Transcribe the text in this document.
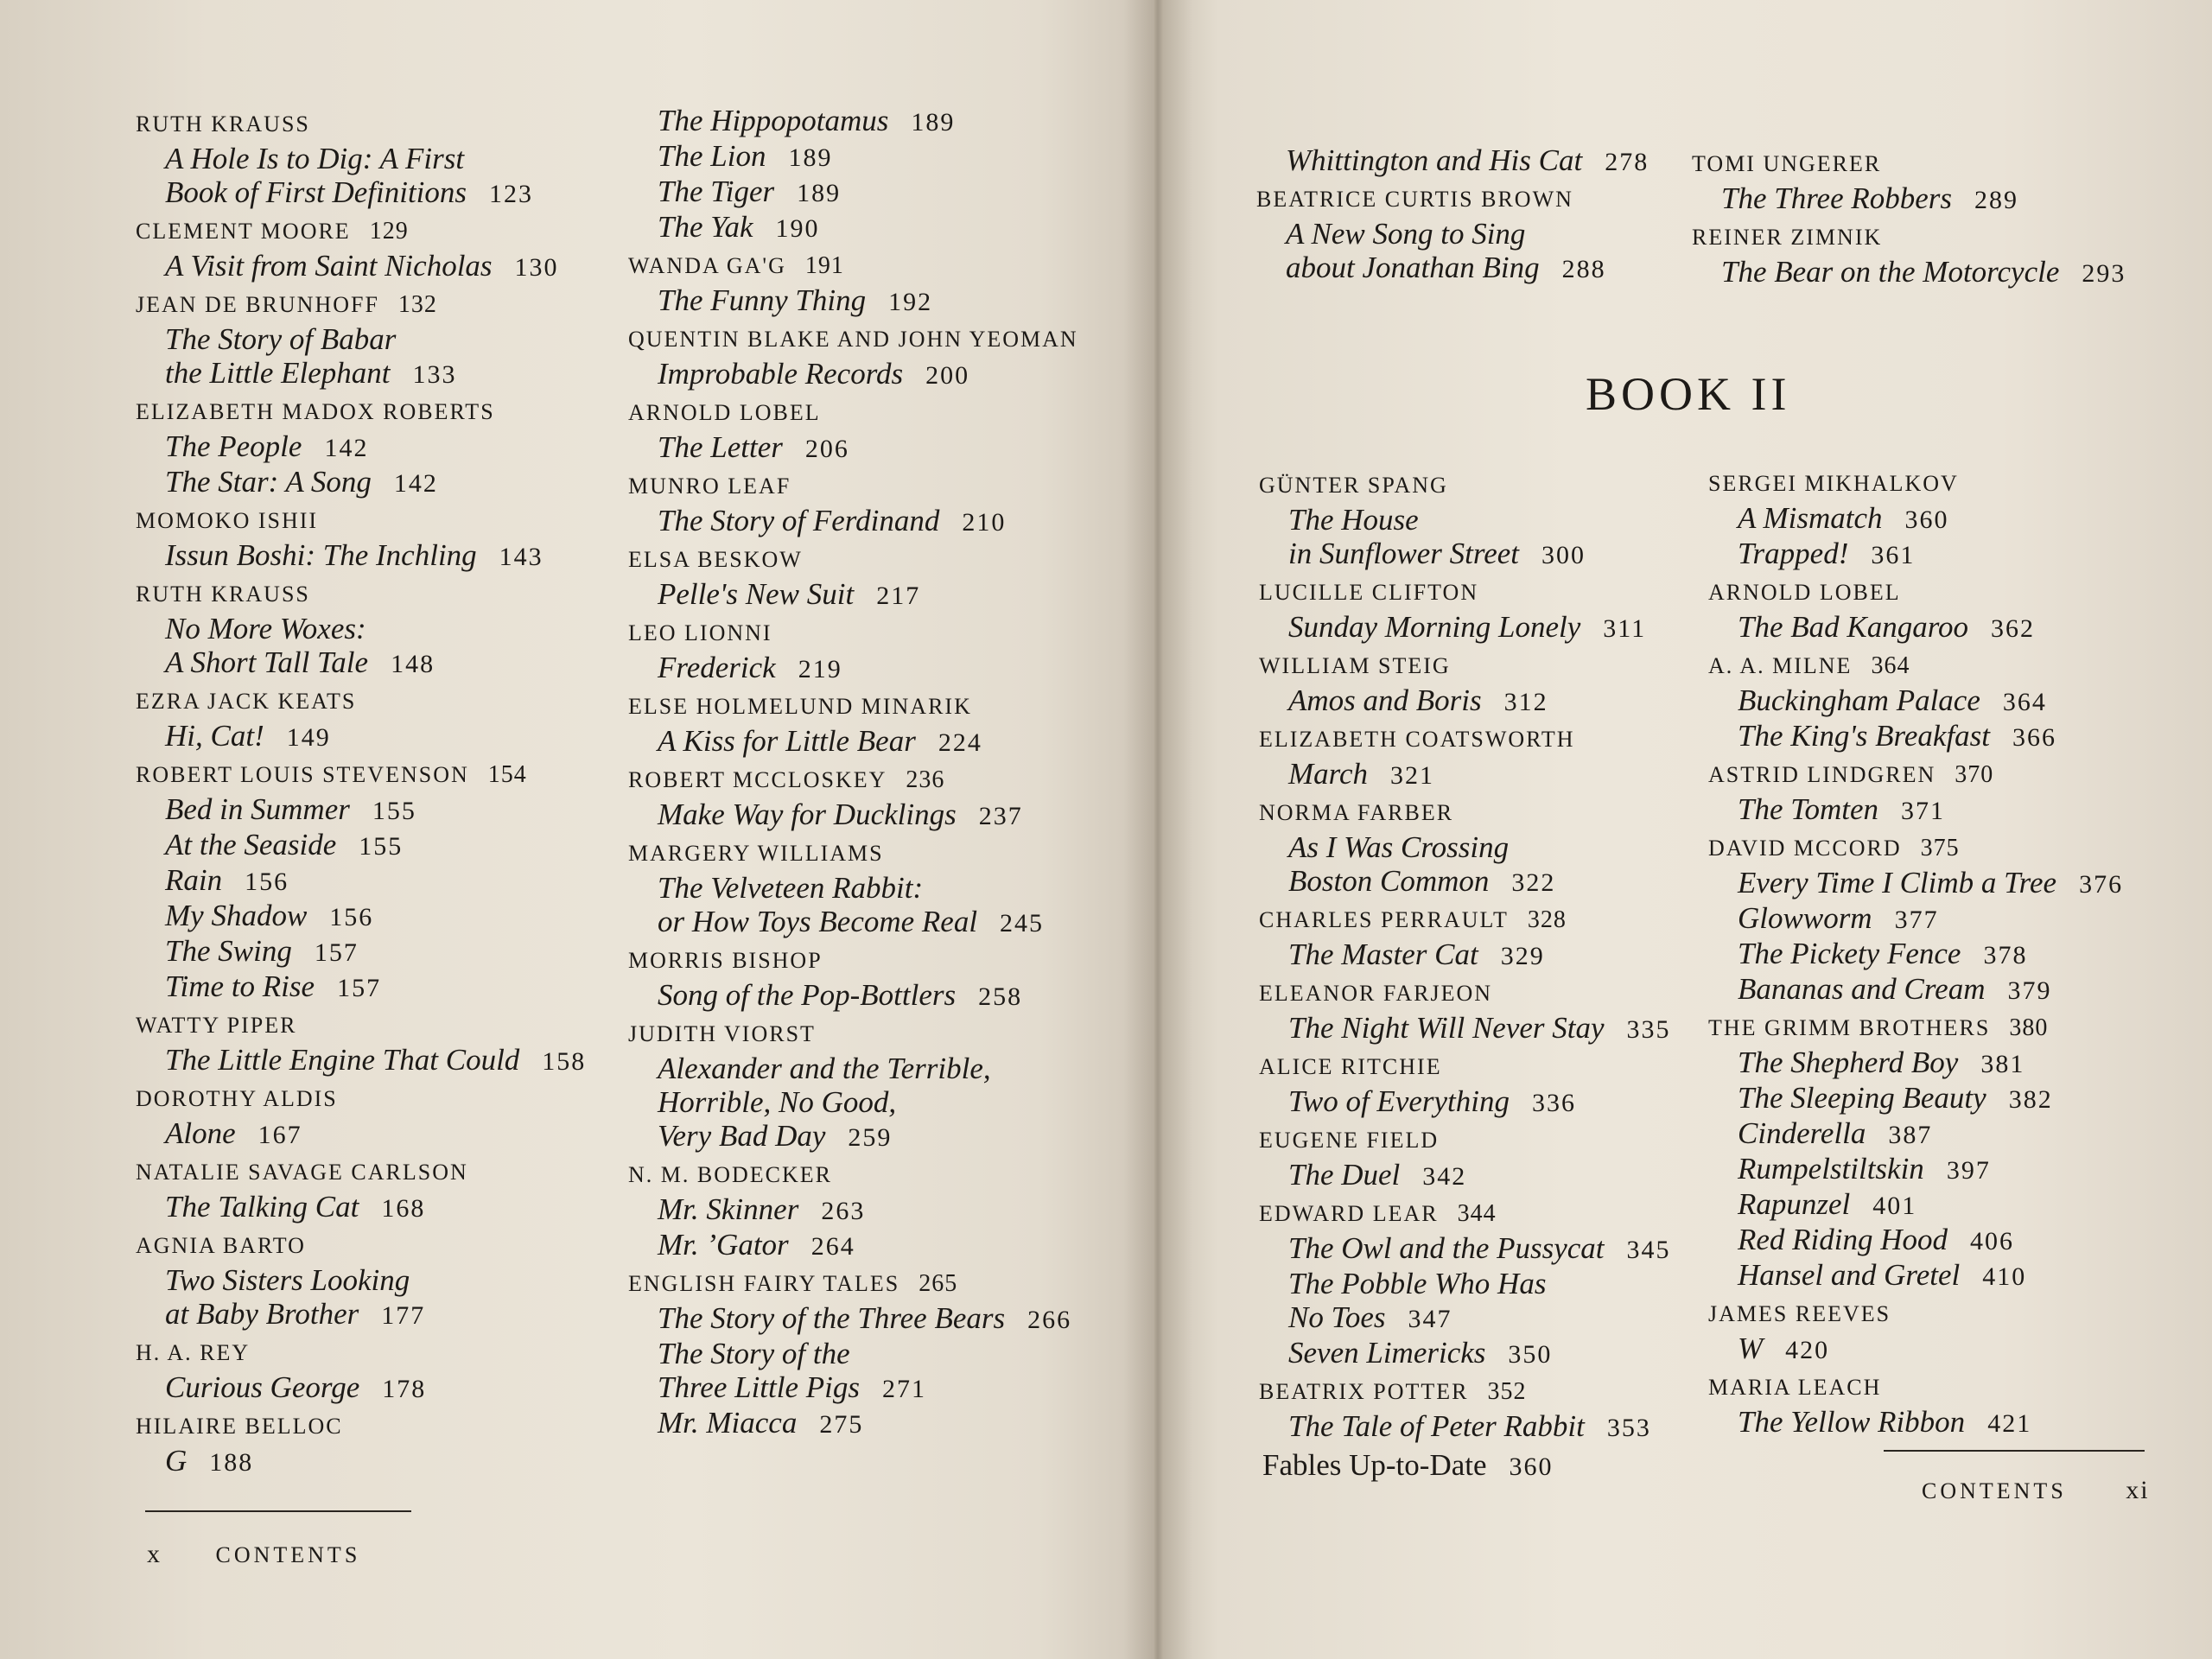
RUTH KRAUSS
A Hole Is to Dig: A First
Book of First Definitions 123
CLEMENT MOORE 129
A Visit from Saint Nicholas 130
JEAN DE BRUNHOFF 132
The Story of Babar
the Little Elephant 133
ELIZABETH MADOX ROBERTS
The People 142
The Star: A Song 142
MOMOKO ISHII
Issun Boshi: The Inchling 143
RUTH KRAUSS
No More Woxes:
A Short Tall Tale 148
EZRA JACK KEATS
Hi, Cat! 149
ROBERT LOUIS STEVENSON 154
Bed in Summer 155
At the Seaside 155
Rain 156
My Shadow 156
The Swing 157
Time to Rise 157
WATTY PIPER
The Little Engine That Could 158
DOROTHY ALDIS
Alone 167
NATALIE SAVAGE CARLSON
The Talking Cat 168
AGNIA BARTO
Two Sisters Looking
at Baby Brother 177
H. A. REY
Curious George 178
HILAIRE BELLOC
G 188
The Hippopotamus 189
The Lion 189
The Tiger 189
The Yak 190
WANDA GA'G 191
The Funny Thing 192
QUENTIN BLAKE AND JOHN YEOMAN
Improbable Records 200
ARNOLD LOBEL
The Letter 206
MUNRO LEAF
The Story of Ferdinand 210
ELSA BESKOW
Pelle's New Suit 217
LEO LIONNI
Frederick 219
ELSE HOLMELUND MINARIK
A Kiss for Little Bear 224
ROBERT MCCLOSKEY 236
Make Way for Ducklings 237
MARGERY WILLIAMS
The Velveteen Rabbit:
or How Toys Become Real 245
MORRIS BISHOP
Song of the Pop-Bottlers 258
JUDITH VIORST
Alexander and the Terrible,
Horrible, No Good,
Very Bad Day 259
N. M. BODECKER
Mr. Skinner 263
Mr. ’Gator 264
ENGLISH FAIRY TALES 265
The Story of the Three Bears 266
The Story of the
Three Little Pigs 271
Mr. Miacca 275
Whittington and His Cat 278
BEATRICE CURTIS BROWN
A New Song to Sing
about Jonathan Bing 288
TOMI UNGERER
The Three Robbers 289
REINER ZIMNIK
The Bear on the Motorcycle 293
BOOK II
GÜNTER SPANG
The House
in Sunflower Street 300
LUCILLE CLIFTON
Sunday Morning Lonely 311
WILLIAM STEIG
Amos and Boris 312
ELIZABETH COATSWORTH
March 321
NORMA FARBER
As I Was Crossing
Boston Common 322
CHARLES PERRAULT 328
The Master Cat 329
ELEANOR FARJEON
The Night Will Never Stay 335
ALICE RITCHIE
Two of Everything 336
EUGENE FIELD
The Duel 342
EDWARD LEAR 344
The Owl and the Pussycat 345
The Pobble Who Has
No Toes 347
Seven Limericks 350
BEATRIX POTTER 352
The Tale of Peter Rabbit 353
Fables Up-to-Date 360
SERGEI MIKHALKOV
A Mismatch 360
Trapped! 361
ARNOLD LOBEL
The Bad Kangaroo 362
A. A. MILNE 364
Buckingham Palace 364
The King's Breakfast 366
ASTRID LINDGREN 370
The Tomten 371
DAVID MCCORD 375
Every Time I Climb a Tree 376
Glowworm 377
The Pickety Fence 378
Bananas and Cream 379
THE GRIMM BROTHERS 380
The Shepherd Boy 381
The Sleeping Beauty 382
Cinderella 387
Rumpelstiltskin 397
Rapunzel 401
Red Riding Hood 406
Hansel and Gretel 410
JAMES REEVES
W 420
MARIA LEACH
The Yellow Ribbon 421
x CONTENTS
CONTENTS xi
